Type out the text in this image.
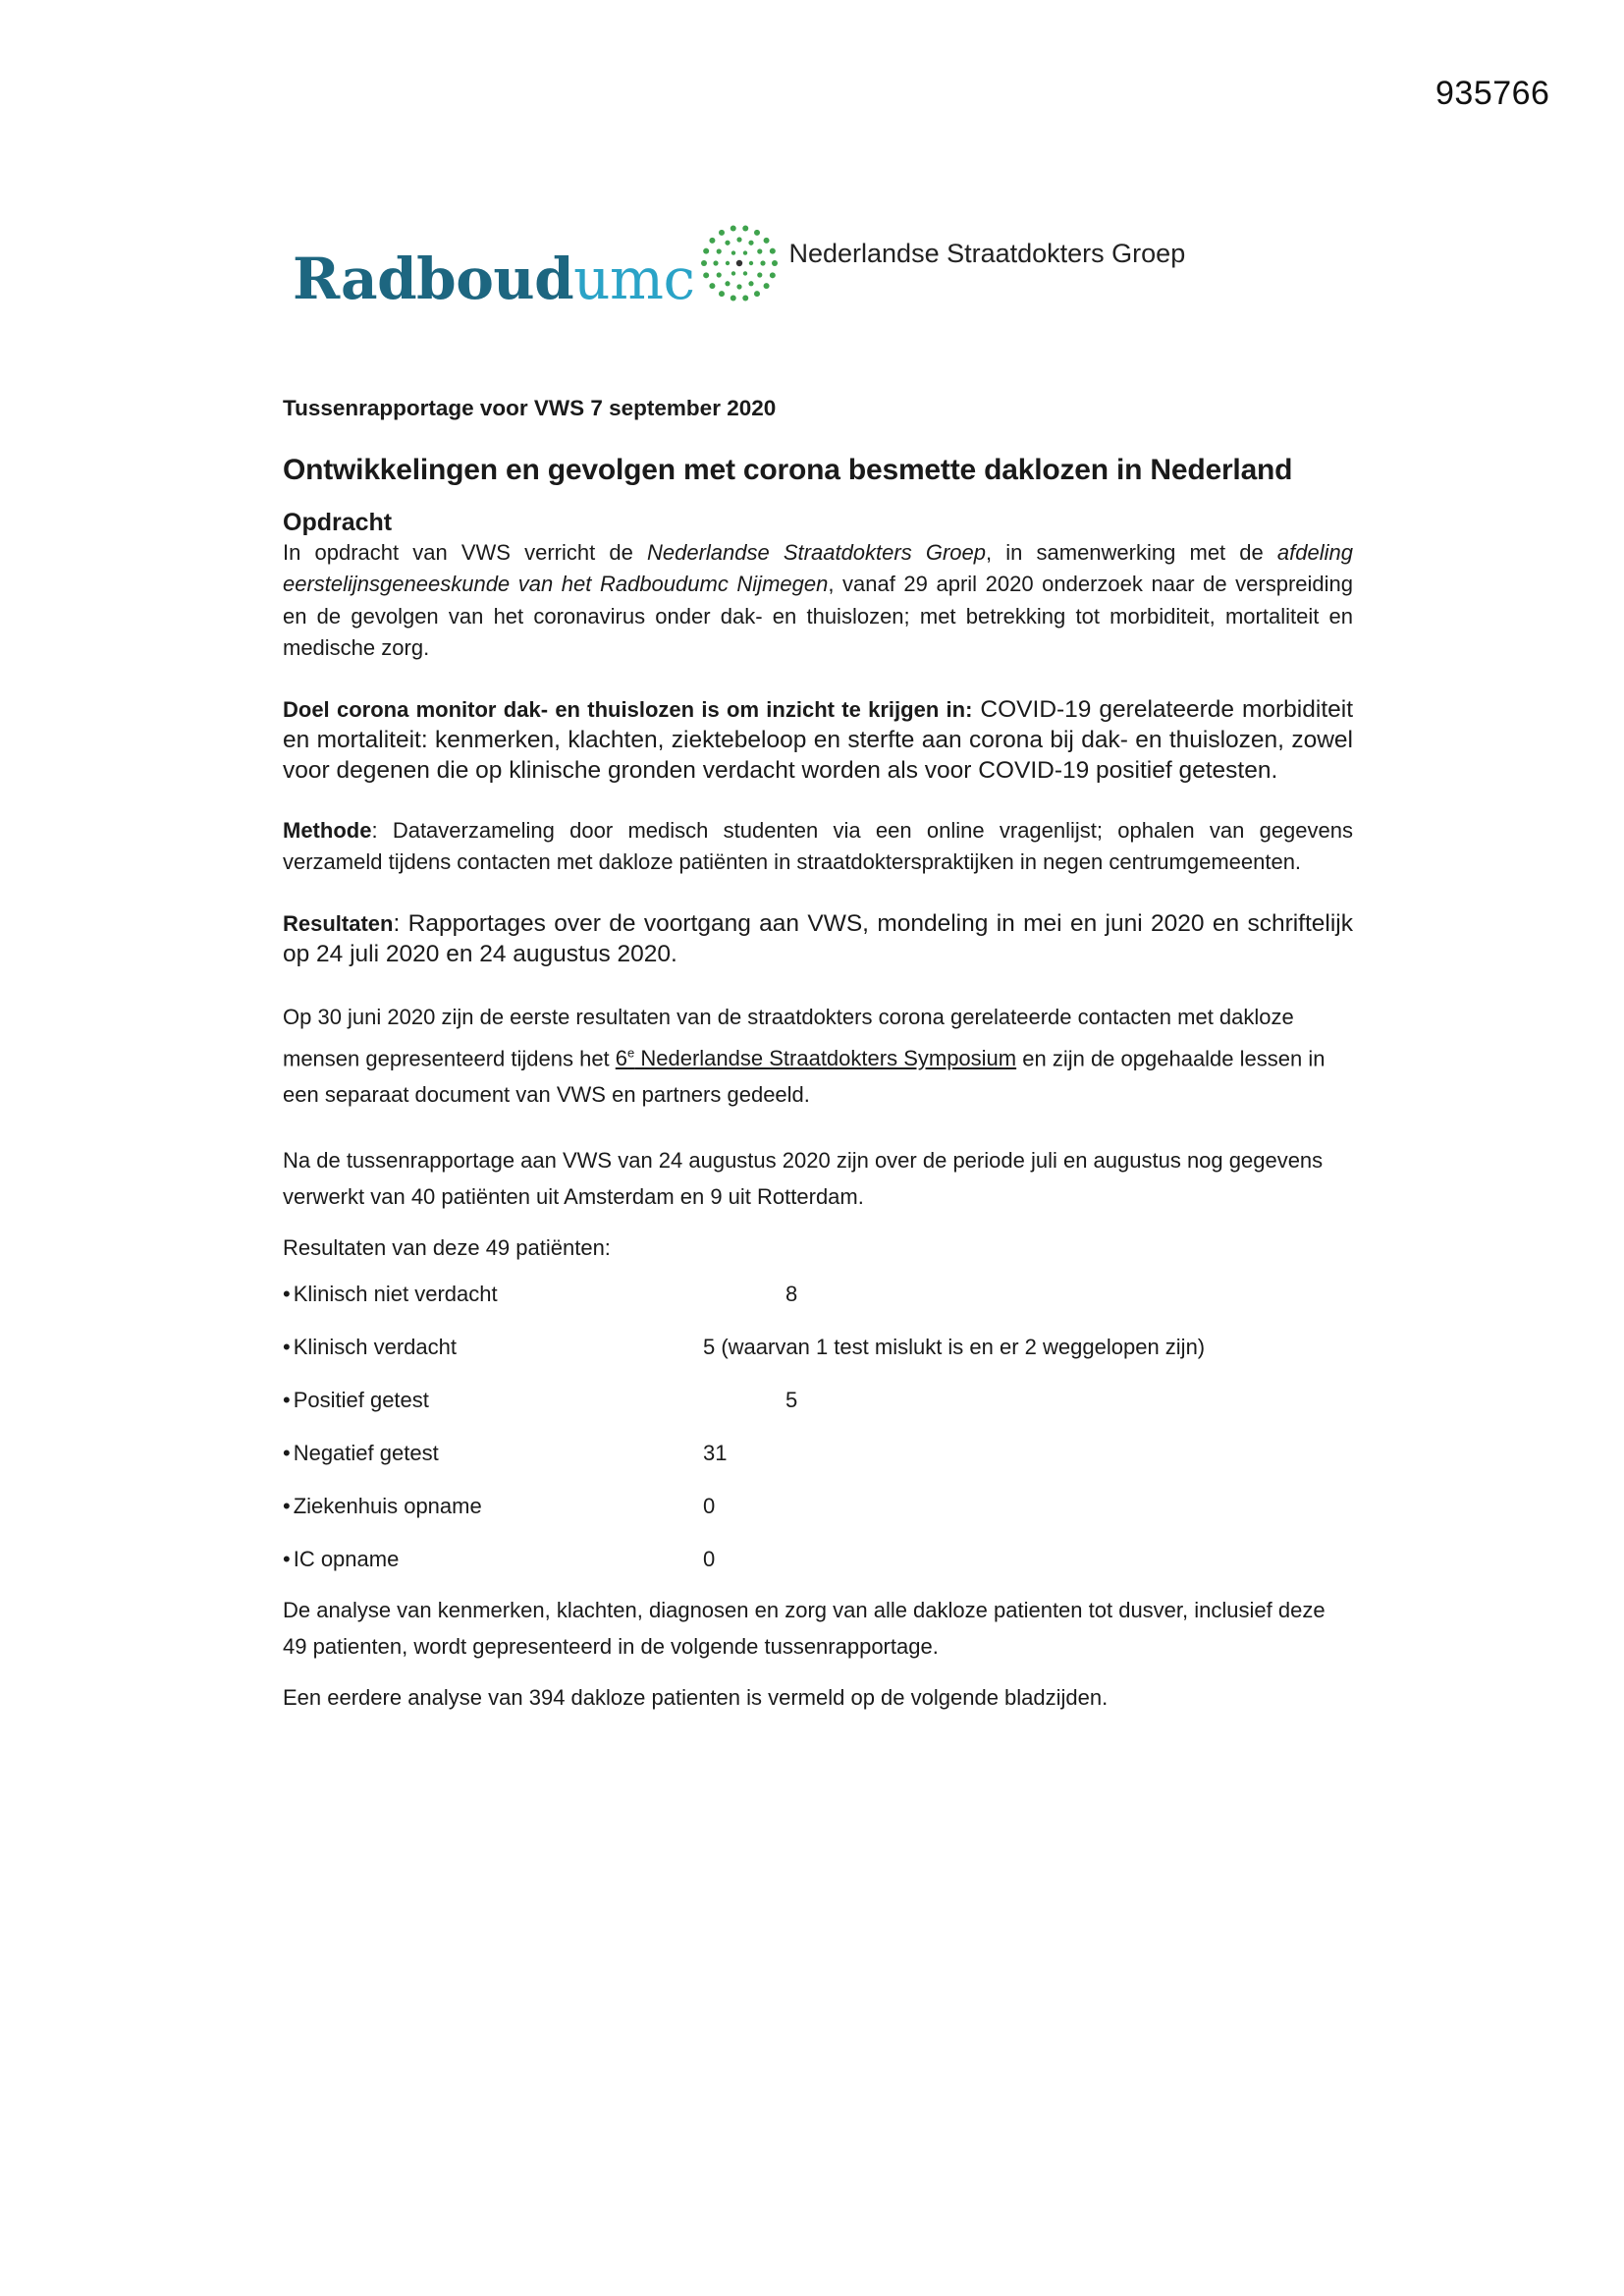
935766
Radboudumc	Nederlandse Straatdokters Groep

Tussenrapportage voor VWS 7 september 2020

Ontwikkelingen en gevolgen met corona besmette daklozen in Nederland

Opdracht

In opdracht van VWS verricht de Nederlandse Straatdokters Groep, in samenwerking met de afdeling eerstelijnsgeneeskunde van het Radboudumc Nijmegen, vanaf 29 april 2020 onderzoek naar de verspreiding en de gevolgen van het coronavirus onder dak- en thuislozen; met betrekking tot morbiditeit, mortaliteit en medische zorg.

Doel corona monitor dak- en thuislozen is om inzicht te krijgen in: COVID-19 gerelateerde morbiditeit en mortaliteit: kenmerken, klachten, ziektebeloop en sterfte aan corona bij dak- en thuislozen, zowel voor degenen die op klinische gronden verdacht worden als voor COVID-19 positief getesten.

Methode: Dataverzameling door medisch studenten via een online vragenlijst; ophalen van gegevens verzameld tijdens contacten met dakloze patiënten in straatdokterspraktijken in negen centrumgemeenten.

Resultaten: Rapportages over de voortgang aan VWS, mondeling in mei en juni 2020 en schriftelijk op 24 juli 2020 en 24 augustus 2020.

Op 30 juni 2020 zijn de eerste resultaten van de straatdokters corona gerelateerde contacten met dakloze mensen gepresenteerd tijdens het 6e Nederlandse Straatdokters Symposium en zijn de opgehaalde lessen in een separaat document van VWS en partners gedeeld.

Na de tussenrapportage aan VWS van 24 augustus 2020 zijn over de periode juli en augustus nog gegevens verwerkt van 40 patiënten uit Amsterdam en 9 uit Rotterdam.

Resultaten van deze 49 patiënten:

• Klinisch niet verdacht	8
• Klinisch verdacht	5 (waarvan 1 test mislukt is en er 2 weggelopen zijn)
• Positief getest	5
• Negatief getest	31
• Ziekenhuis opname	0
• IC opname	0

De analyse van kenmerken, klachten, diagnosen en zorg van alle dakloze patienten tot dusver, inclusief deze 49 patienten, wordt gepresenteerd in de volgende tussenrapportage.

Een eerdere analyse van 394 dakloze patienten is vermeld op de volgende bladzijden.
